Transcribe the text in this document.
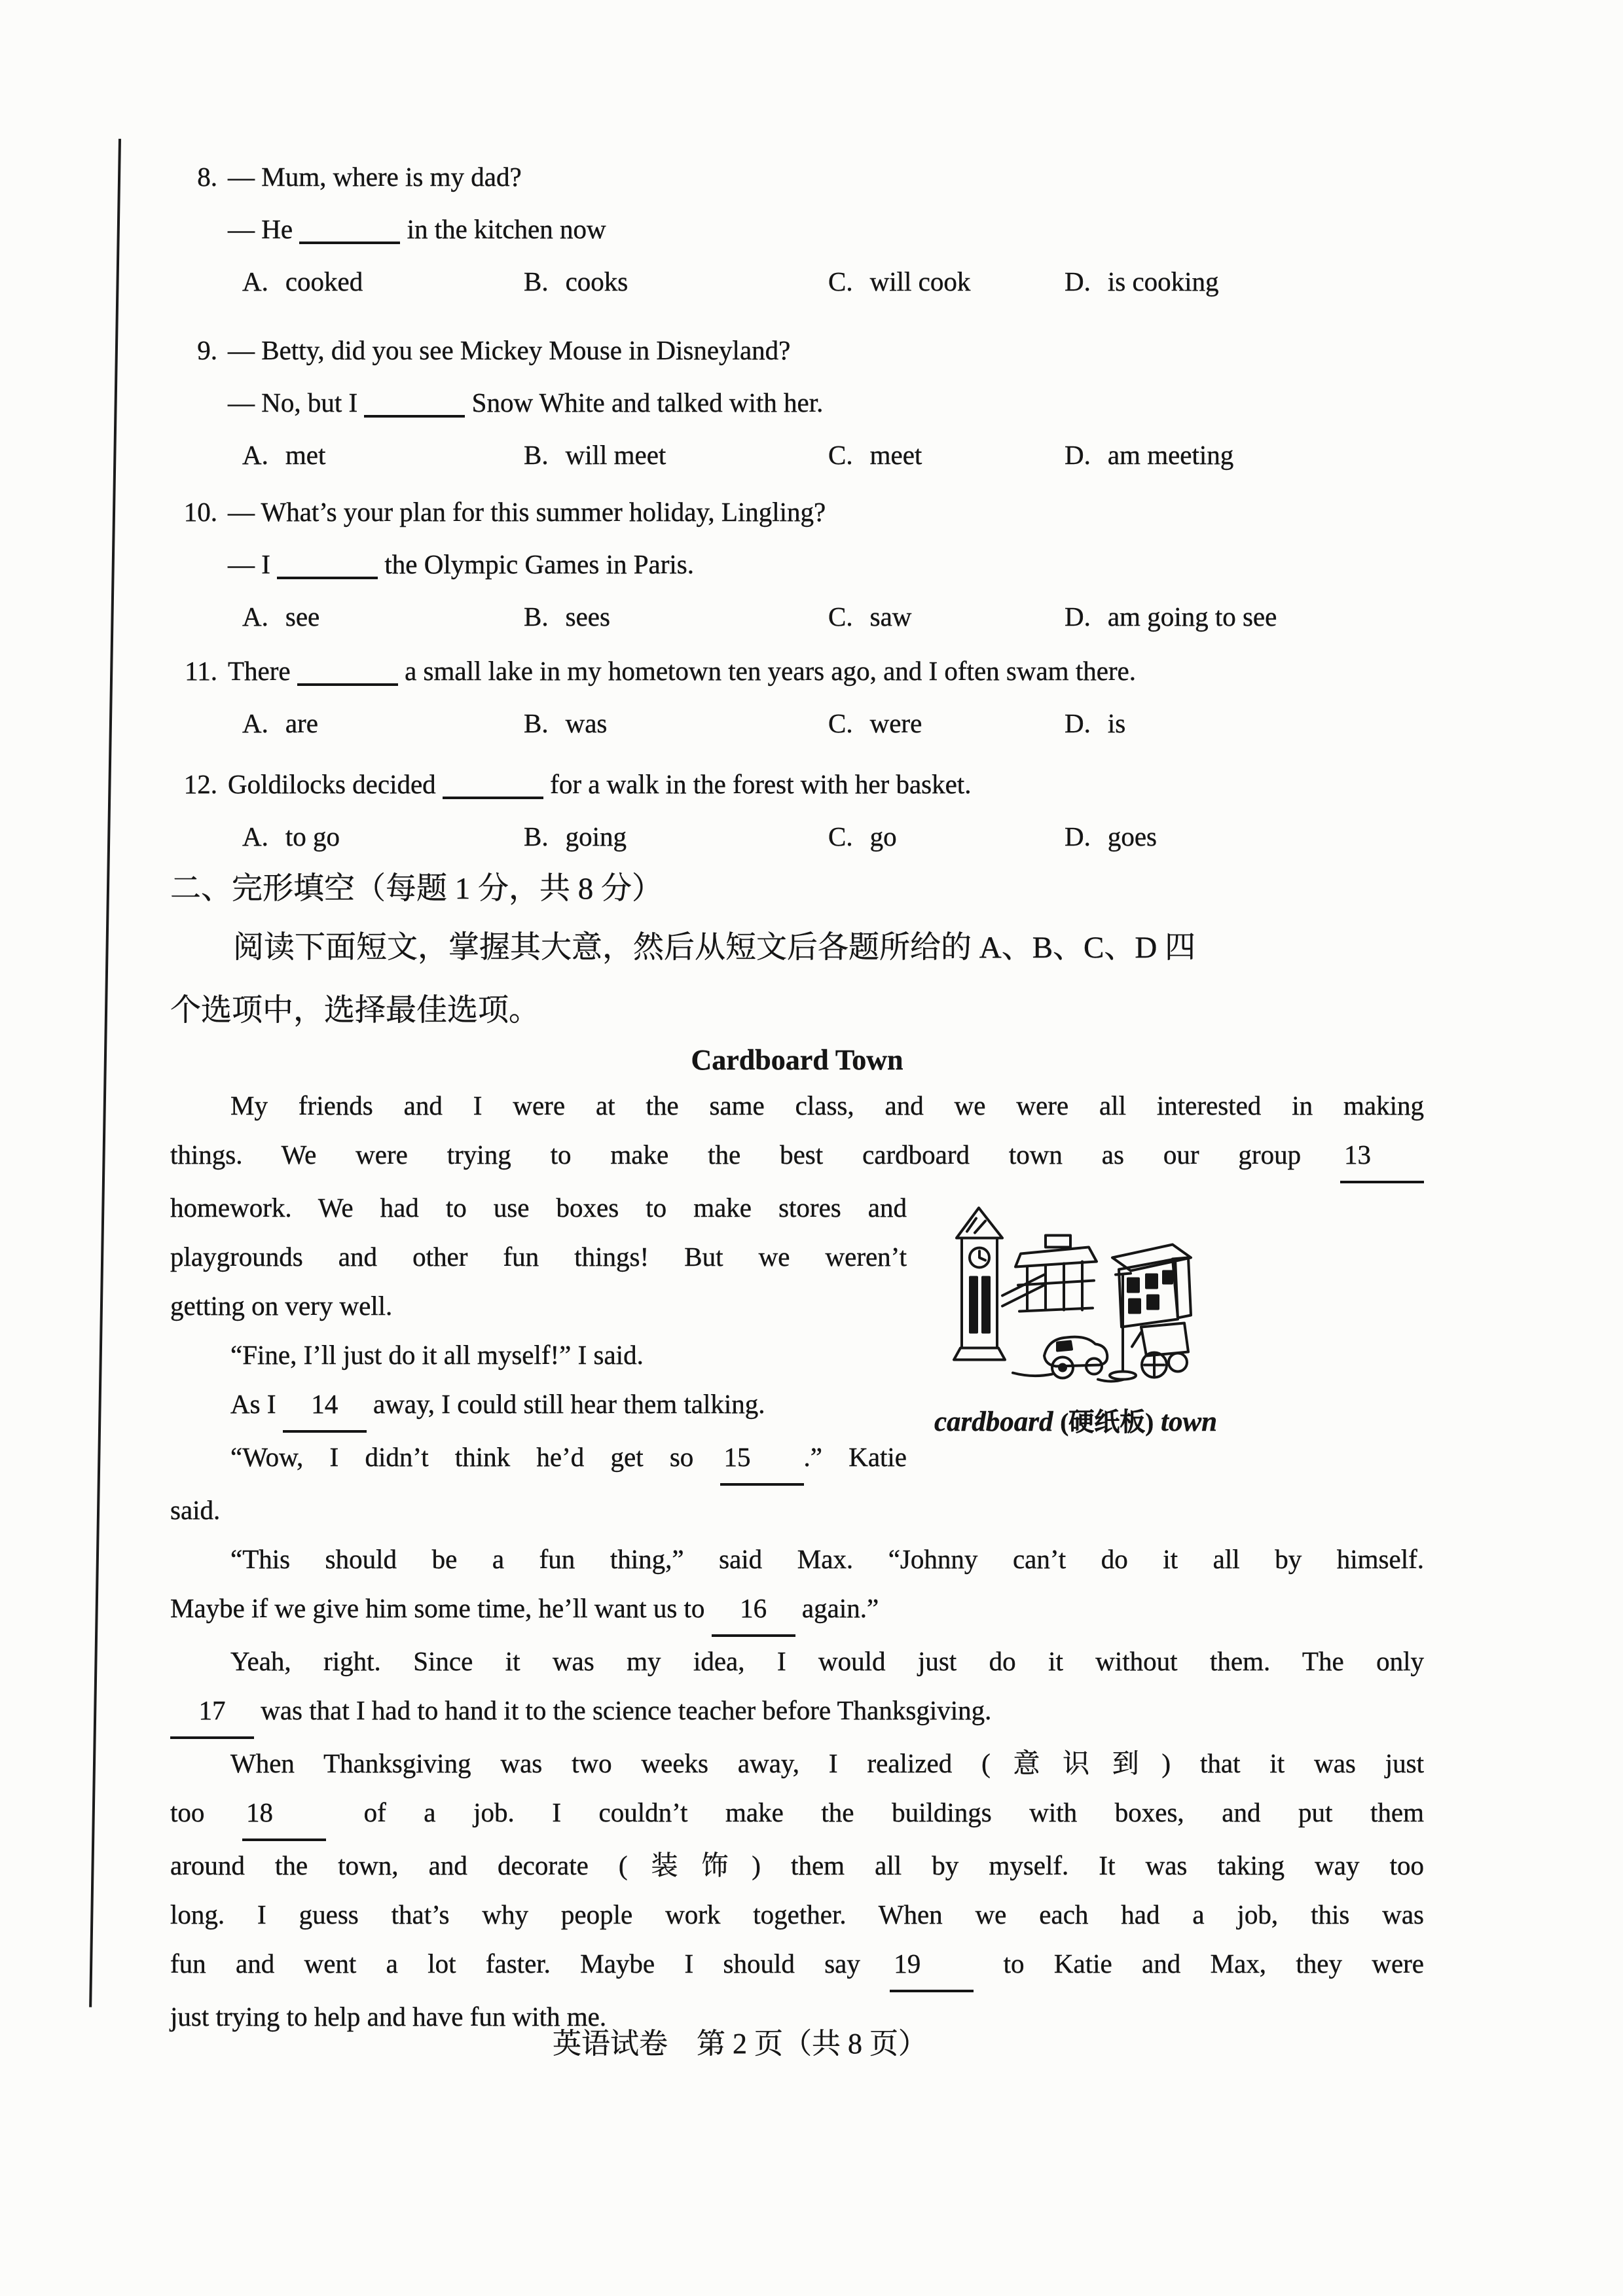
8. — Mum, where is my dad?
— He	in the kitchen now
A. cooked	B. cooks	C. will cook	D. is cooking
9. — Betty, did you see Mickey Mouse in Disneyland?
— No, but I	Snow White and talked with her.
A. met	B. will meet	C. meet	D. am meeting
10. — What’s your plan for this summer holiday, Lingling?
— I	the Olympic Games in Paris.
A. see	B. sees	C. saw	D. am going to see
11. There	a small lake in my hometown ten years ago, and I often swam there.
A. are	B. was	C. were	D. is
12. Goldilocks decided	for a walk in the forest with her basket.
A. to go	B. going	C. go	D. goes
二、完形填空（每题 1 分，共 8 分）
阅读下面短文，掌握其大意，然后从短文后各题所给的 A、B、C、D 四
个选项中，选择最佳选项。
Cardboard Town
My friends and I were at the same class, and we were all interested in making
things. We were trying to make the best cardboard town as our group 13
homework. We had to use boxes to make stores and
playgrounds and other fun things! But we weren’t
getting on very well.
“Fine, I’ll just do it all myself!” I said.
As I 14 away, I could still hear them talking.
“Wow, I didn’t think he’d get so 15 .” Katie
said.
“This should be a fun thing,” said Max. “Johnny can’t do it all by himself.
Maybe if we give him some time, he’ll want us to 16 again.”
Yeah, right. Since it was my idea, I would just do it without them. The only
17 was that I had to hand it to the science teacher before Thanksgiving.
When Thanksgiving was two weeks away, I realized (意识到) that it was just
too 18 of a job. I couldn’t make the buildings with boxes, and put them
around the town, and decorate (装饰) them all by myself. It was taking way too
long. I guess that’s why people work together. When we each had a job, this was
fun and went a lot faster. Maybe I should say 19 to Katie and Max, they were
just trying to help and have fun with me.
cardboard (硬纸板) town
英语试卷 第 2 页（共 8 页）
